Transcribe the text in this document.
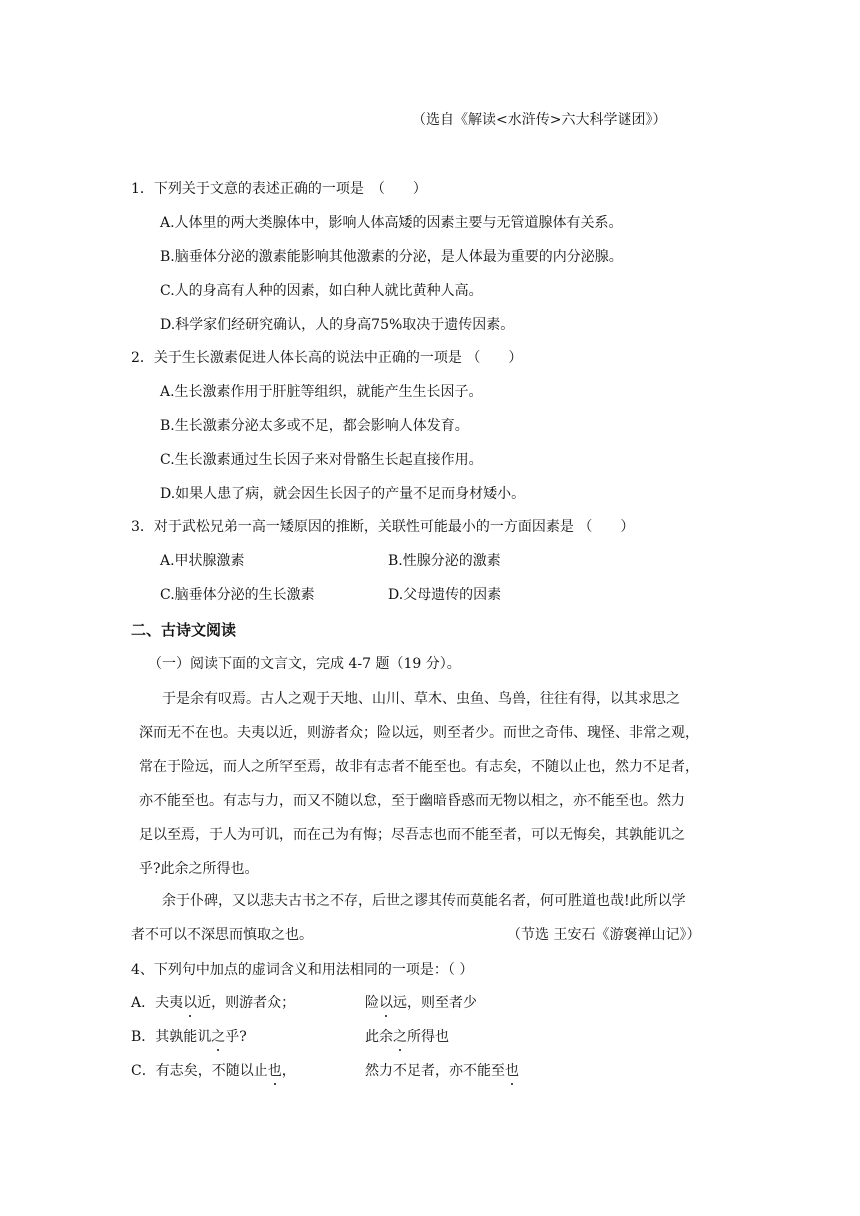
（选自《解读<水浒传>六大科学谜团》）
1．下列关于文意的表述正确的一项是　（　　）
A.人体里的两大类腺体中，影响人体高矮的因素主要与无管道腺体有关系。
B.脑垂体分泌的激素能影响其他激素的分泌，是人体最为重要的内分泌腺。
C.人的身高有人种的因素，如白种人就比黄种人高。
D.科学家们经研究确认，人的身高75%取决于遗传因素。
2．关于生长激素促进人体长高的说法中正确的一项是 （　　）
A.生长激素作用于肝脏等组织，就能产生生长因子。
B.生长激素分泌太多或不足，都会影响人体发育。
C.生长激素通过生长因子来对骨骼生长起直接作用。
D.如果人患了病，就会因生长因子的产量不足而身材矮小。
3．对于武松兄弟一高一矮原因的推断，关联性可能最小的一方面因素是 （　　）
A.甲状腺激素	B.性腺分泌的激素
C.脑垂体分泌的生长激素	D.父母遗传的因素
二、古诗文阅读
（一）阅读下面的文言文，完成 4-7 题（19 分）。
于是余有叹焉。古人之观于天地、山川、草木、虫鱼、鸟兽，往往有得，以其求思之
深而无不在也。夫夷以近，则游者众；险以远，则至者少。而世之奇伟、瑰怪、非常之观，
常在于险远，而人之所罕至焉，故非有志者不能至也。有志矣，不随以止也，然力不足者，
亦不能至也。有志与力，而又不随以怠，至于幽暗昏惑而无物以相之，亦不能至也。然力
足以至焉，于人为可讥，而在己为有悔；尽吾志也而不能至者，可以无悔矣，其孰能讥之
乎?此余之所得也。
余于仆碑，又以悲夫古书之不存，后世之谬其传而莫能名者，何可胜道也哉!此所以学
者不可以不深思而慎取之也。	（节选 王安石《游褒禅山记》）
4、下列句中加点的虚词含义和用法相同的一项是：（ ）
A．夫夷以近，则游者众；	险以远，则至者少
B．其孰能讥之乎?	此余之所得也
C．有志矣，不随以止也，	然力不足者，亦不能至也
